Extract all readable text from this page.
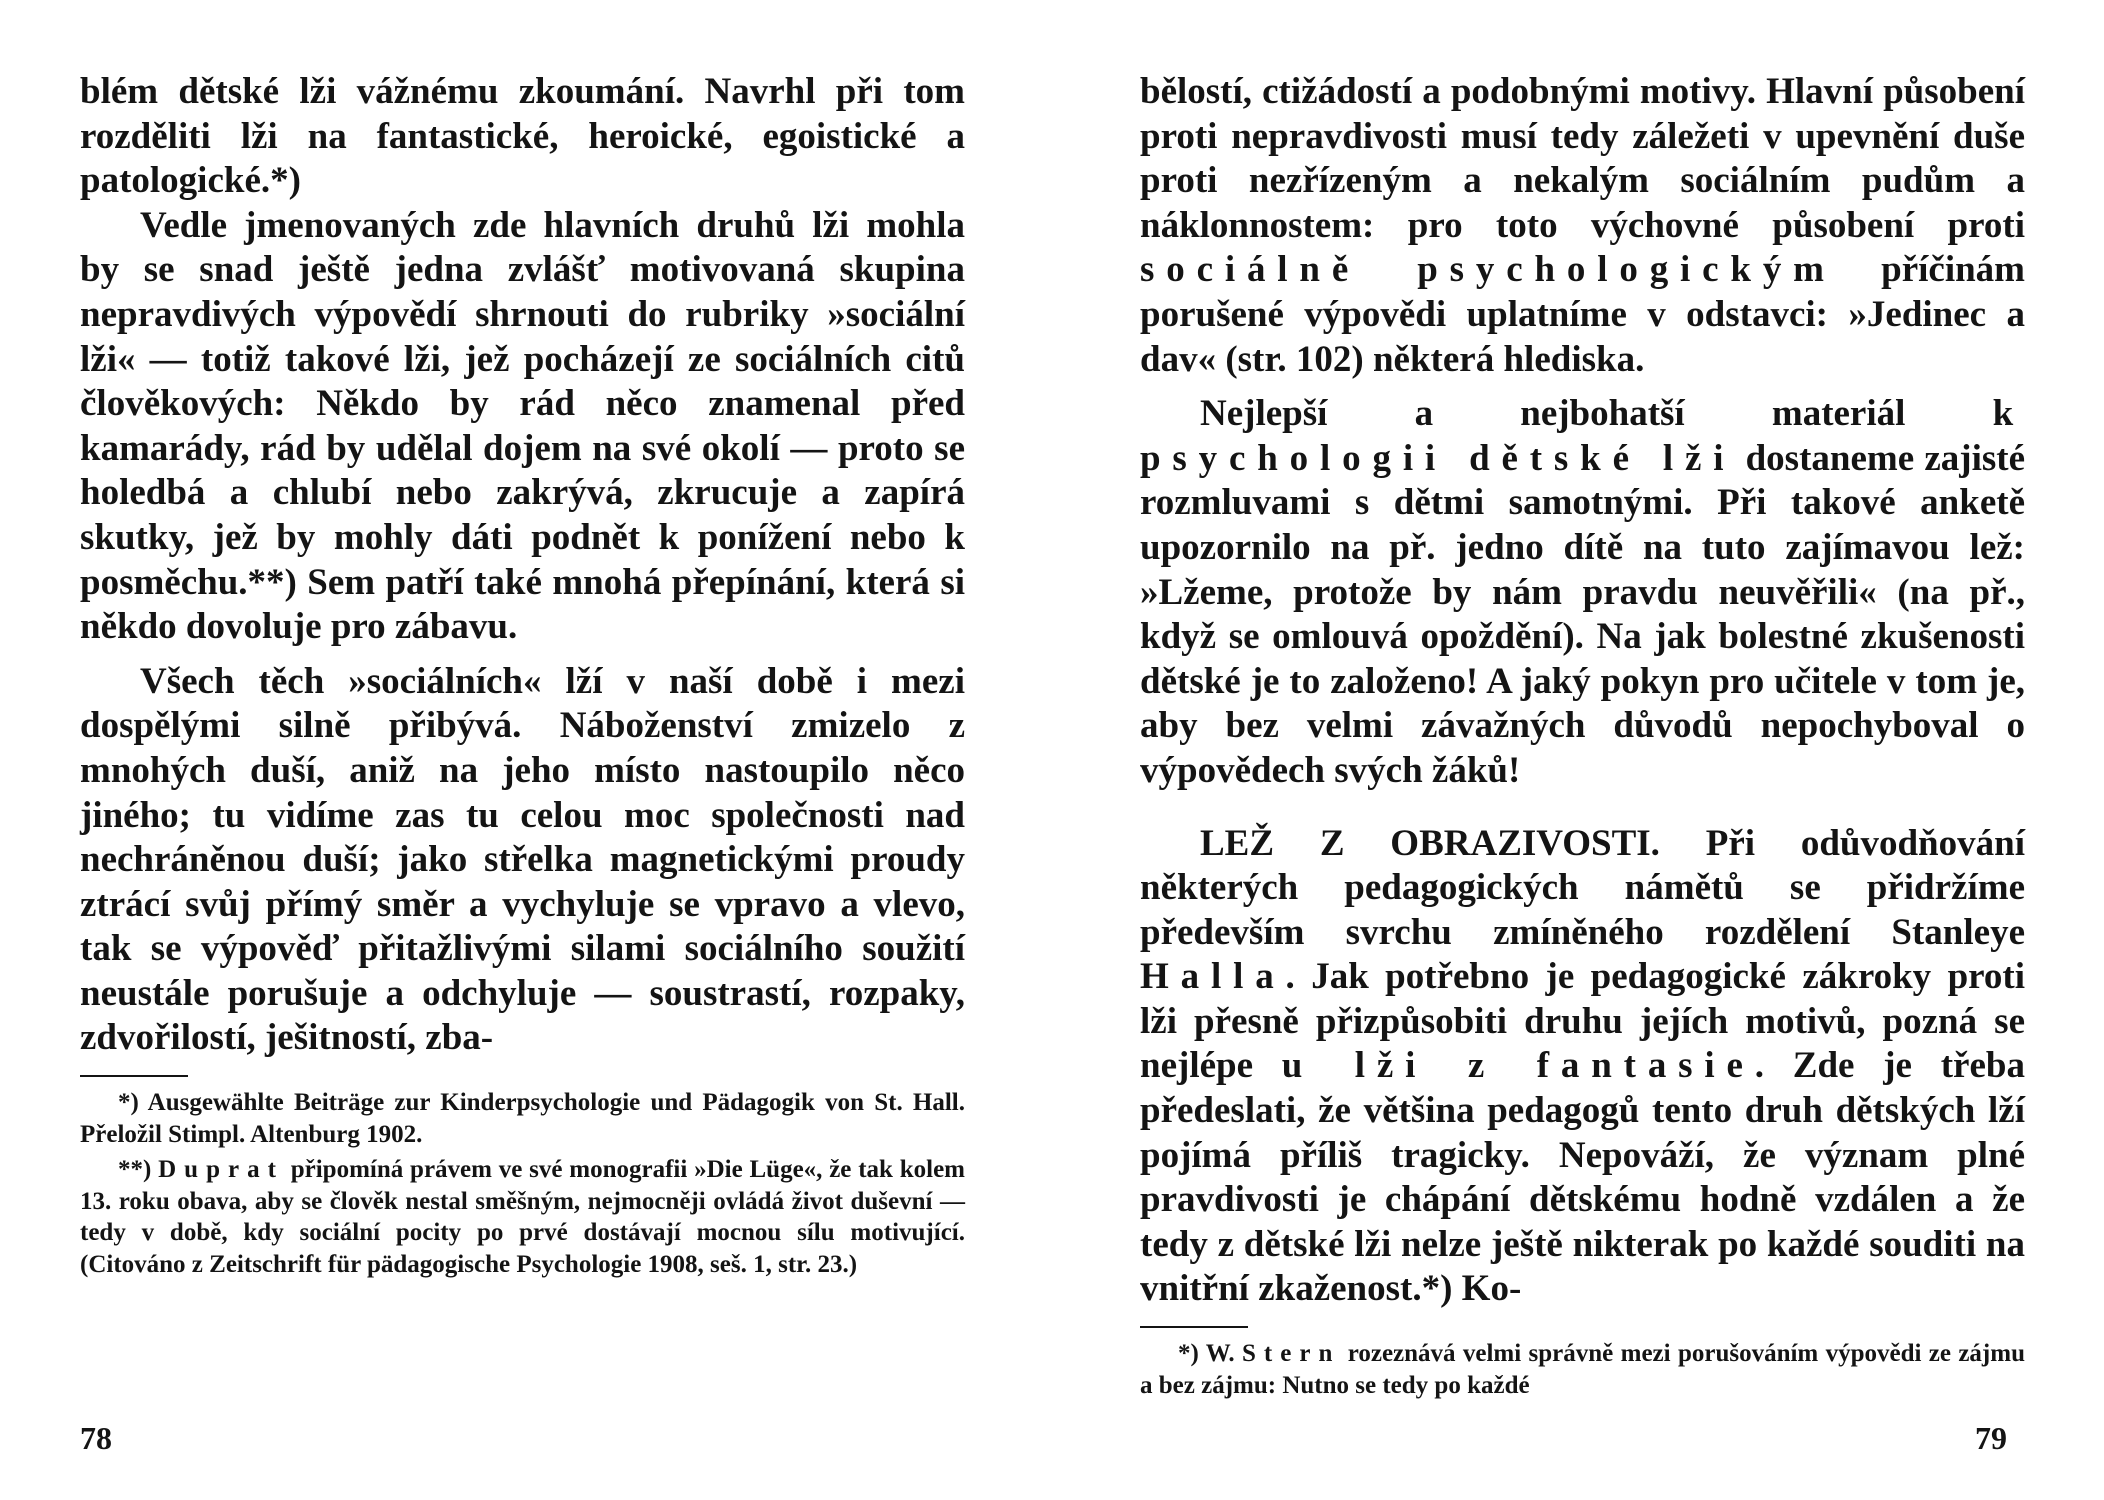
blém dětské lži vážnému zkoumání. Navrhl při tom rozděliti lži na fantastické, heroické, egoistické a patologické.*)

Vedle jmenovaných zde hlavních druhů lži mohla by se snad ještě jedna zvlášť motivovaná skupina nepravdivých výpovědí shrnouti do rubriky »sociální lži« — totiž takové lži, jež pocházejí ze sociálních citů člověkových: Někdo by rád něco znamenal před kamarády, rád by udělal dojem na své okolí — proto se holedbá a chlubí nebo zakrývá, zkrucuje a zapírá skutky, jež by mohly dáti podnět k ponížení nebo k posměchu.**) Sem patří také mnohá přepínání, která si někdo dovoluje pro zábavu.

Všech těch »sociálních« lží v naší době i mezi dospělými silně přibývá. Náboženství zmizelo z mnohých duší, aniž na jeho místo nastoupilo něco jiného; tu vidíme zas tu celou moc společnosti nad nechráněnou duší; jako střelka magnetickými proudy ztrácí svůj přímý směr a vychyluje se vpravo a vlevo, tak se výpověď přitažlivými silami sociálního soužití neustále porušuje a odchyluje — soustrastí, rozpaky, zdvořilostí, ješitností, zba-

*) Ausgewählte Beiträge zur Kinderpsychologie und Pädagogik von St. Hall. Přeložil Stimpl. Altenburg 1902.

**) Duprat připomíná právem ve své monografii »Die Lüge«, že tak kolem 13. roku obava, aby se člověk nestal směšným, nejmocněji ovládá život duševní — tedy v době, kdy sociální pocity po prvé dostávají mocnou sílu motivující. (Citováno z Zeitschrift für pädagogische Psychologie 1908, seš. 1, str. 23.)

78

bělostí, ctižádostí a podobnými motivy. Hlavní působení proti nepravdivosti musí tedy záležeti v upevnění duše proti nezřízeným a nekalým sociálním pudům a náklonnostem: pro toto výchovné působení proti sociálně psychologickým příčinám porušené výpovědi uplatníme v odstavci: »Jedinec a dav« (str. 102) některá hlediska.

Nejlepší a nejbohatší materiál k psychologii dětské lži dostaneme zajisté rozmluvami s dětmi samotnými. Při takové anketě upozornilo na př. jedno dítě na tuto zajímavou lež: »Lžeme, protože by nám pravdu neuvěřili« (na př., když se omlouvá opoždění). Na jak bolestné zkušenosti dětské je to založeno! A jaký pokyn pro učitele v tom je, aby bez velmi závažných důvodů nepochyboval o výpovědech svých žáků!

LEŽ Z OBRAZIVOSTI. Při odůvodňování některých pedagogických námětů se přidržíme především svrchu zmíněného rozdělení Stanleye Halla. Jak potřebno je pedagogické zákroky proti lži přesně přizpůsobiti druhu jejích motivů, pozná se nejlépe u lži z fantasie. Zde je třeba předeslati, že většina pedagogů tento druh dětských lží pojímá příliš tragicky. Nepováží, že význam plné pravdivosti je chápání dětskému hodně vzdálen a že tedy z dětské lži nelze ještě nikterak po každé souditi na vnitřní zkaženost.*) Ko-

*) W. Stern rozeznává velmi správně mezi porušováním výpovědi ze zájmu a bez zájmu: Nutno se tedy po každé

79
